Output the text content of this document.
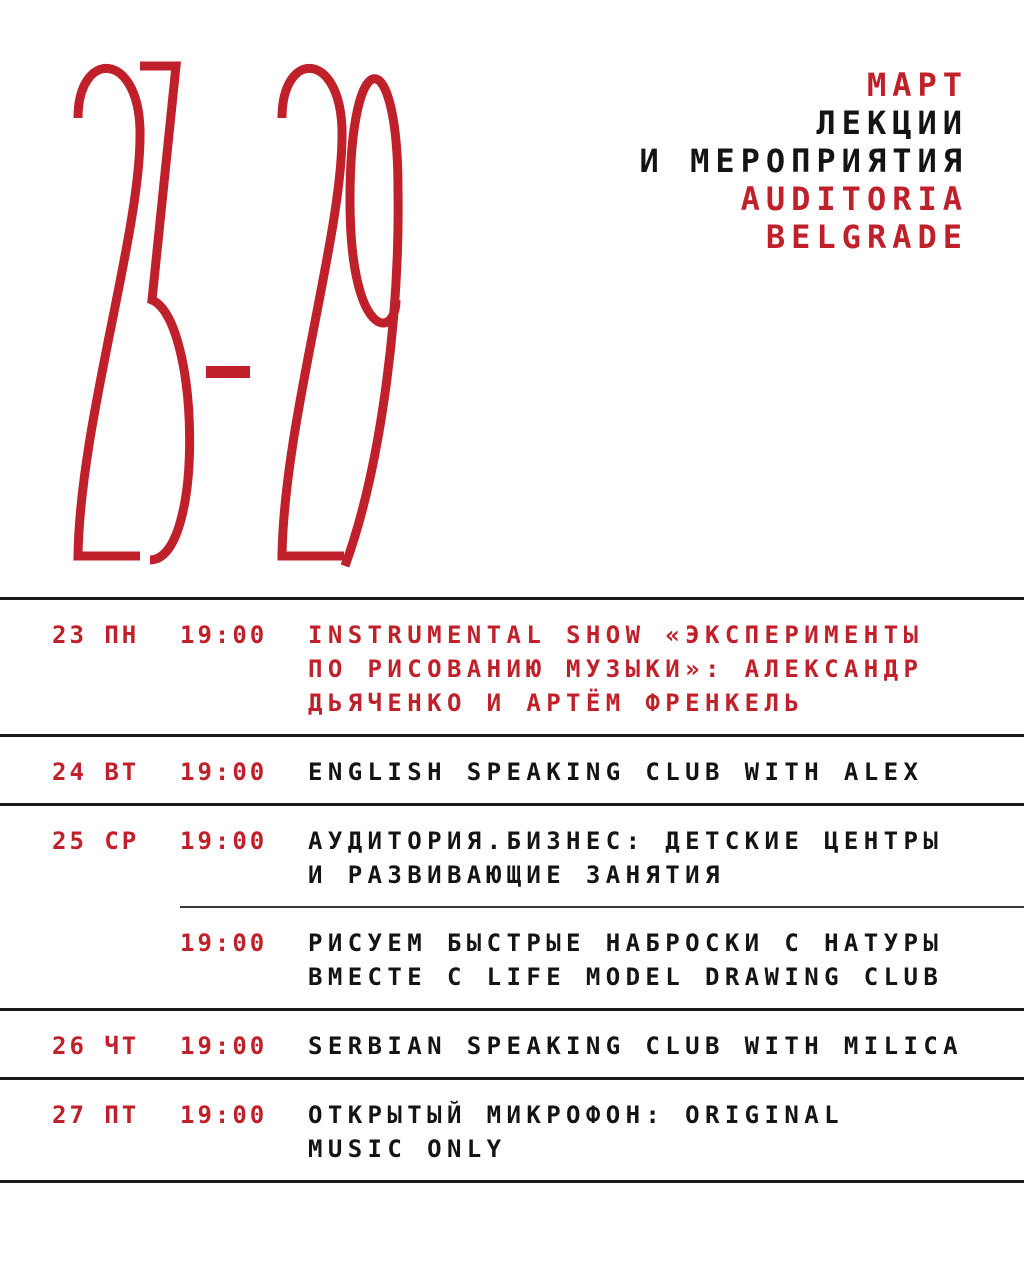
МАРТ
ЛЕКЦИИ
И МЕРОПРИЯТИЯ
AUDITORIA
BELGRADE
23 ПН	19:00 INSTRUMENTAL SHOW «ЭКСПЕРИМЕНТЫ
ПО РИСОВАНИЮ МУЗЫКИ»: АЛЕКСАНДР
ДЬЯЧЕНКО И АРТЁМ ФРЕНКЕЛЬ
24 ВТ	19:00 ENGLISH SPEAKING CLUB WITH ALEX
25 СР	19:00 АУДИТОРИЯ.БИЗНЕС: ДЕТСКИЕ ЦЕНТРЫ
И РАЗВИВАЮЩИЕ ЗАНЯТИЯ
19:00 РИСУЕМ БЫСТРЫЕ НАБРОСКИ С НАТУРЫ
ВМЕСТЕ С LIFE MODEL DRAWING CLUB
26 ЧТ	19:00 SERBIAN SPEAKING CLUB WITH MILICA
27 ПТ	19:00 ОТКРЫТЫЙ МИКРОФОН: ORIGINAL
MUSIC ONLY
